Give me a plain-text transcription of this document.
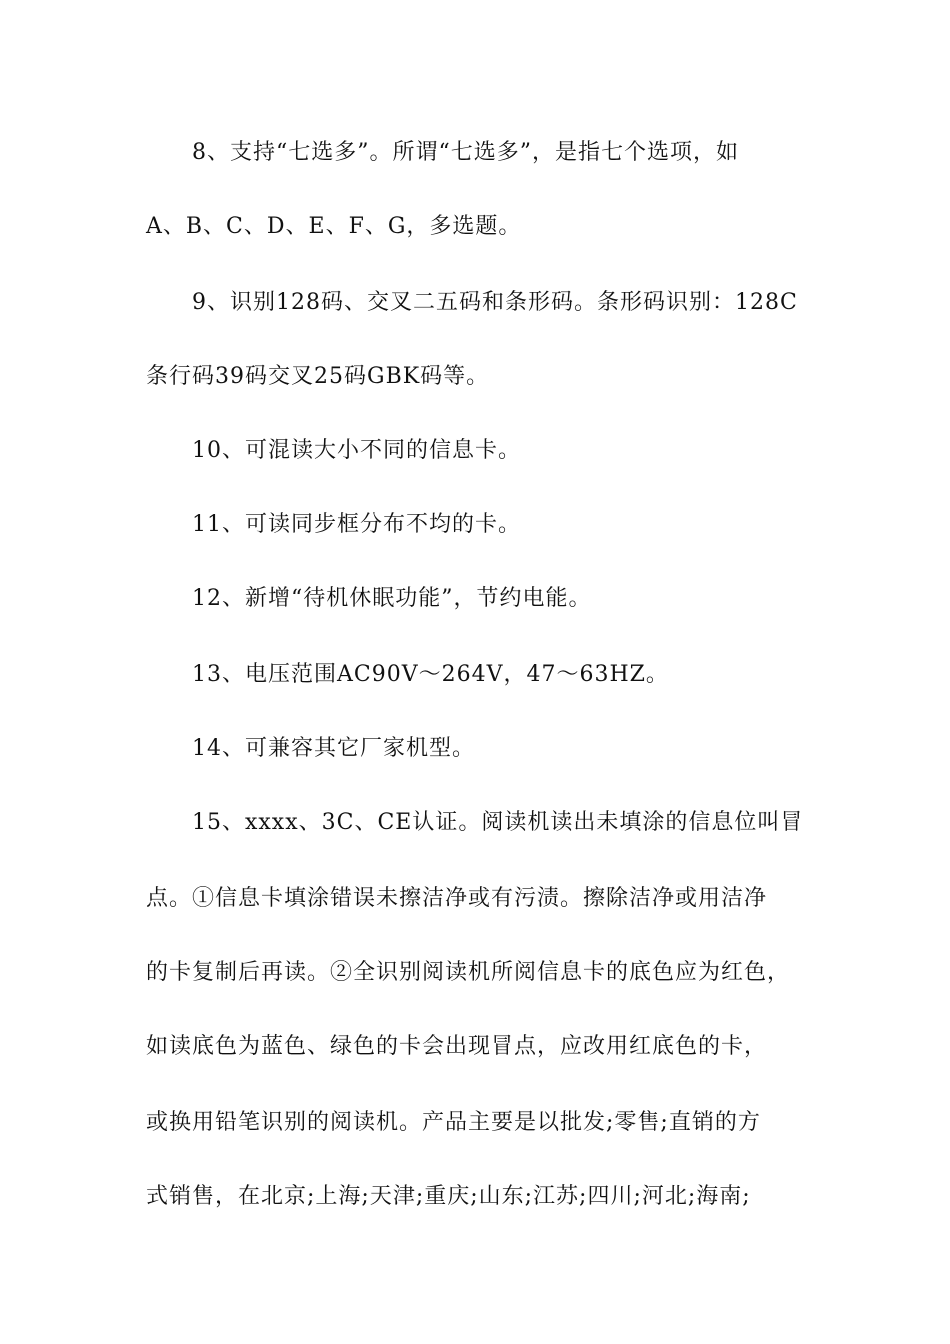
8、支持“七选多”。所谓“七选多”，是指七个选项，如
A、B、C、D、E、F、G，多选题。
9、识别128码、交叉二五码和条形码。条形码识别：128C
条行码39码交叉25码GBK码等。
10、可混读大小不同的信息卡。
11、可读同步框分布不均的卡。
12、新增“待机休眠功能”，节约电能。
13、电压范围AC90V～264V，47～63HZ。
14、可兼容其它厂家机型。
15、xxxx、3C、CE认证。阅读机读出未填涂的信息位叫冒
点。①信息卡填涂错误未擦洁净或有污渍。擦除洁净或用洁净
的卡复制后再读。②全识别阅读机所阅信息卡的底色应为红色，
如读底色为蓝色、绿色的卡会出现冒点，应改用红底色的卡，
或换用铅笔识别的阅读机。产品主要是以批发;零售;直销的方
式销售，在北京;上海;天津;重庆;山东;江苏;四川;河北;海南;
